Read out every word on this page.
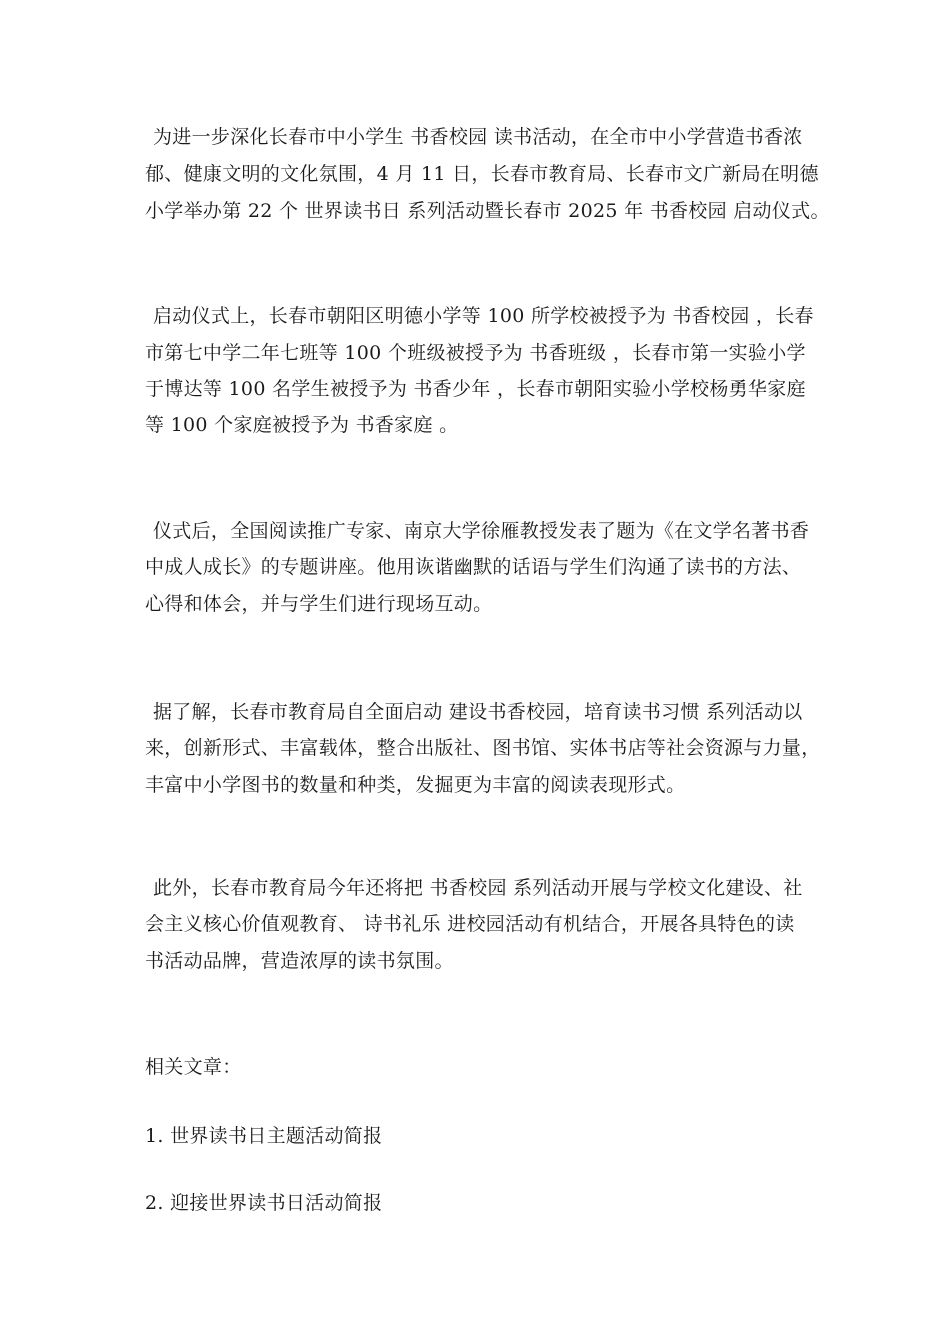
为进一步深化长春市中小学生 书香校园 读书活动，在全市中小学营造书香浓
郁、健康文明的文化氛围，4 月 11 日，长春市教育局、长春市文广新局在明德
小学举办第 22 个 世界读书日 系列活动暨长春市 2025 年 书香校园 启动仪式。
启动仪式上，长春市朝阳区明德小学等 100 所学校被授予为 书香校园 ，长春
市第七中学二年七班等 100 个班级被授予为 书香班级 ，长春市第一实验小学
于博达等 100 名学生被授予为 书香少年 ，长春市朝阳实验小学校杨勇华家庭
等 100 个家庭被授予为 书香家庭 。
仪式后，全国阅读推广专家、南京大学徐雁教授发表了题为《在文学名著书香
中成人成长》的专题讲座。他用诙谐幽默的话语与学生们沟通了读书的方法、
心得和体会，并与学生们进行现场互动。
据了解，长春市教育局自全面启动 建设书香校园，培育读书习惯 系列活动以
来，创新形式、丰富载体，整合出版社、图书馆、实体书店等社会资源与力量，
丰富中小学图书的数量和种类，发掘更为丰富的阅读表现形式。
此外，长春市教育局今年还将把 书香校园 系列活动开展与学校文化建设、社
会主义核心价值观教育、 诗书礼乐 进校园活动有机结合，开展各具特色的读
书活动品牌，营造浓厚的读书氛围。
相关文章：
1. 世界读书日主题活动简报
2. 迎接世界读书日活动简报
